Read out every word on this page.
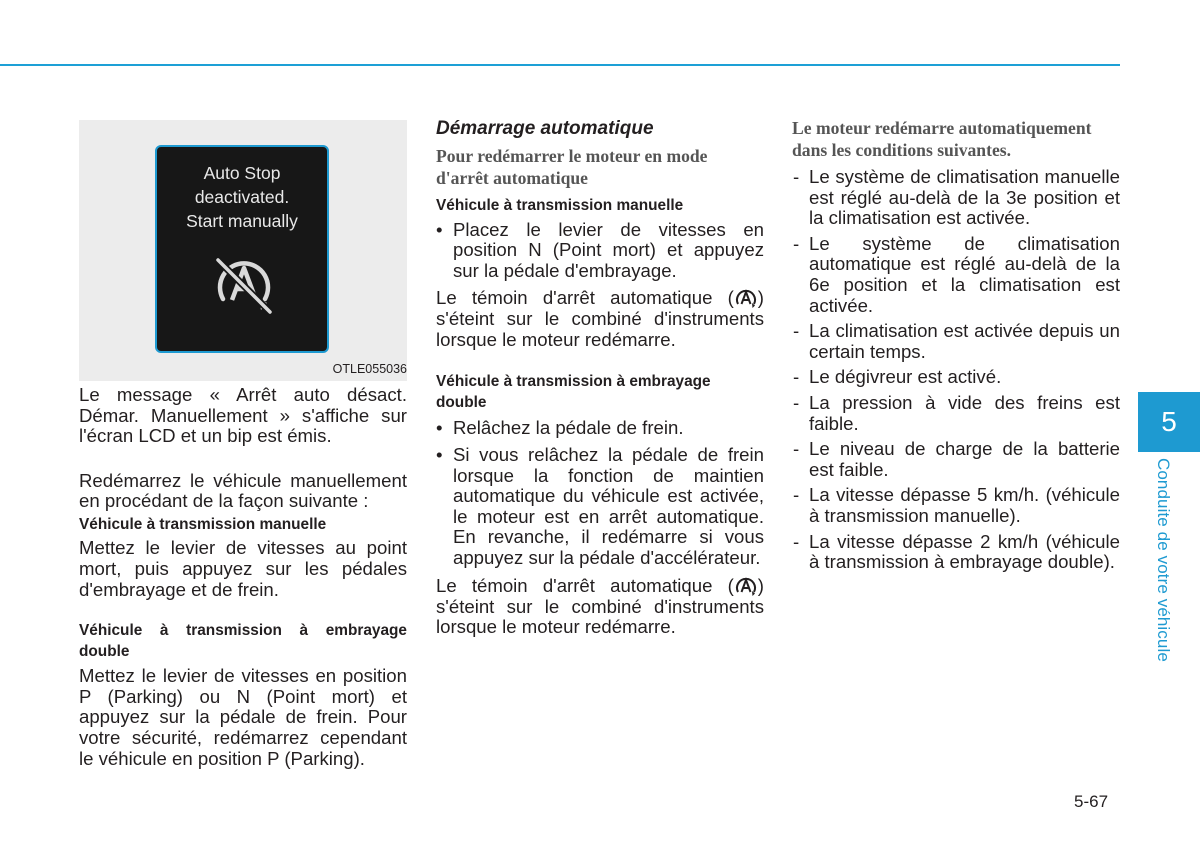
Auto Stop
deactivated.
Start manually
OTLE055036

Le message « Arrêt auto désact. Démar. Manuellement » s'affiche sur l'écran LCD et un bip est émis.

Redémarrez le véhicule manuellement en procédant de la façon suivante :

Véhicule à transmission manuelle

Mettez le levier de vitesses au point mort, puis appuyez sur les pédales d'embrayage et de frein.

Véhicule à transmission à embrayage double

Mettez le levier de vitesses en position P (Parking) ou N (Point mort) et appuyez sur la pédale de frein. Pour votre sécurité, redémarrez cependant le véhicule en position P (Parking).

Démarrage automatique

Pour redémarrer le moteur en mode d'arrêt automatique

Véhicule à transmission manuelle

• Placez le levier de vitesses en position N (Point mort) et appuyez sur la pédale d'embrayage.

Le témoin d'arrêt automatique ( ) s'éteint sur le combiné d'instruments lorsque le moteur redémarre.

Véhicule à transmission à embrayage double

• Relâchez la pédale de frein.
• Si vous relâchez la pédale de frein lorsque la fonction de maintien automatique du véhicule est activée, le moteur est en arrêt automatique. En revanche, il redémarre si vous appuyez sur la pédale d'accélérateur.

Le témoin d'arrêt automatique ( ) s'éteint sur le combiné d'instruments lorsque le moteur redémarre.

Le moteur redémarre automatiquement dans les conditions suivantes.

- Le système de climatisation manuelle est réglé au-delà de la 3e position et la climatisation est activée.
- Le système de climatisation automatique est réglé au-delà de la 6e position et la climatisation est activée.
- La climatisation est activée depuis un certain temps.
- Le dégivreur est activé.
- La pression à vide des freins est faible.
- Le niveau de charge de la batterie est faible.
- La vitesse dépasse 5 km/h. (véhicule à transmission manuelle).
- La vitesse dépasse 2 km/h (véhicule à transmission à embrayage double).
5
Conduite de votre véhicule
5-67
